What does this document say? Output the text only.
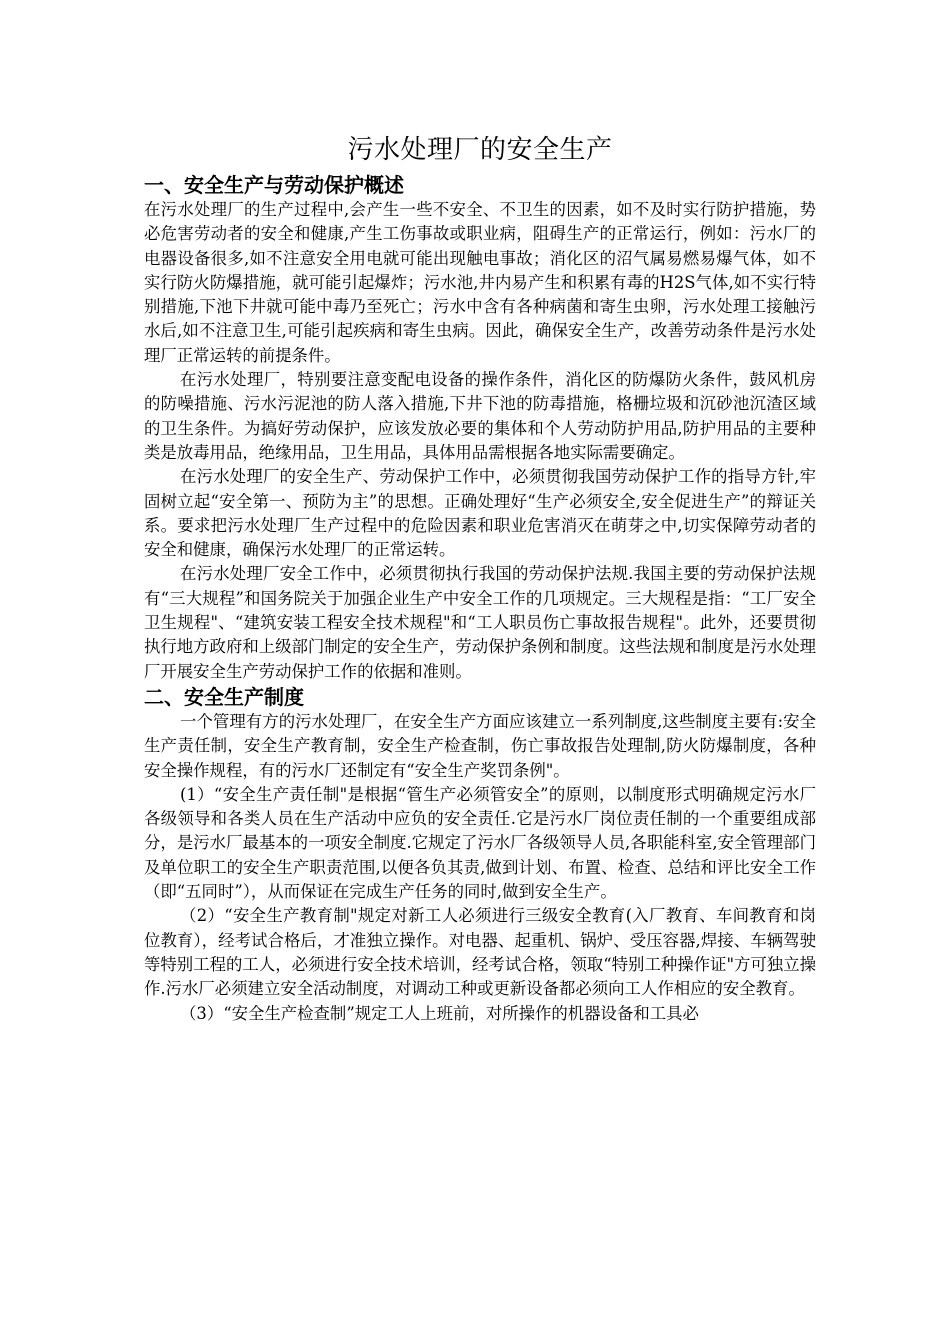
污水处理厂的安全生产
一、安全生产与劳动保护概述

在污水处理厂的生产过程中,会产生一些不安全、不卫生的因素，如不及时实行防护措施，势必危害劳动者的安全和健康,产生工伤事故或职业病，阻碍生产的正常运行，例如：污水厂的电器设备很多,如不注意安全用电就可能出现触电事故；消化区的沼气属易燃易爆气体，如不实行防火防爆措施，就可能引起爆炸；污水池,井内易产生和积累有毒的H2S气体,如不实行特别措施,下池下井就可能中毒乃至死亡；污水中含有各种病菌和寄生虫卵，污水处理工接触污水后,如不注意卫生,可能引起疾病和寄生虫病。因此，确保安全生产，改善劳动条件是污水处理厂正常运转的前提条件。

在污水处理厂，特别要注意变配电设备的操作条件，消化区的防爆防火条件，鼓风机房的防噪措施、污水污泥池的防人落入措施,下井下池的防毒措施，格栅垃圾和沉砂池沉渣区域的卫生条件。为搞好劳动保护，应该发放必要的集体和个人劳动防护用品,防护用品的主要种类是放毒用品，绝缘用品，卫生用品，具体用品需根据各地实际需要确定。

在污水处理厂的安全生产、劳动保护工作中，必须贯彻我国劳动保护工作的指导方针,牢固树立起“安全第一、预防为主”的思想。正确处理好“生产必须安全,安全促进生产”的辩证关系。要求把污水处理厂生产过程中的危险因素和职业危害消灭在萌芽之中,切实保障劳动者的安全和健康，确保污水处理厂的正常运转。

在污水处理厂安全工作中，必须贯彻执行我国的劳动保护法规.我国主要的劳动保护法规有“三大规程”和国务院关于加强企业生产中安全工作的几项规定。三大规程是指：“工厂安全卫生规程"、“建筑安装工程安全技术规程"和“工人职员伤亡事故报告规程"。此外，还要贯彻执行地方政府和上级部门制定的安全生产，劳动保护条例和制度。这些法规和制度是污水处理厂开展安全生产劳动保护工作的依据和准则。

二、安全生产制度

一个管理有方的污水处理厂，在安全生产方面应该建立一系列制度,这些制度主要有:安全生产责任制，安全生产教育制，安全生产检查制，伤亡事故报告处理制,防火防爆制度，各种安全操作规程，有的污水厂还制定有“安全生产奖罚条例"。

(1）“安全生产责任制"是根据“管生产必须管安全”的原则，以制度形式明确规定污水厂各级领导和各类人员在生产活动中应负的安全责任.它是污水厂岗位责任制的一个重要组成部分，是污水厂最基本的一项安全制度.它规定了污水厂各级领导人员,各职能科室,安全管理部门及单位职工的安全生产职责范围,以便各负其责,做到计划、布置、检查、总结和评比安全工作（即“五同时”），从而保证在完成生产任务的同时,做到安全生产。

（2）“安全生产教育制"规定对新工人必须进行三级安全教育(入厂教育、车间教育和岗位教育），经考试合格后，才准独立操作。对电器、起重机、锅炉、受压容器,焊接、车辆驾驶等特别工程的工人，必须进行安全技术培训，经考试合格，领取“特别工种操作证"方可独立操作.污水厂必须建立安全活动制度，对调动工种或更新设备都必须向工人作相应的安全教育。

（3）“安全生产检查制”规定工人上班前，对所操作的机器设备和工具必
